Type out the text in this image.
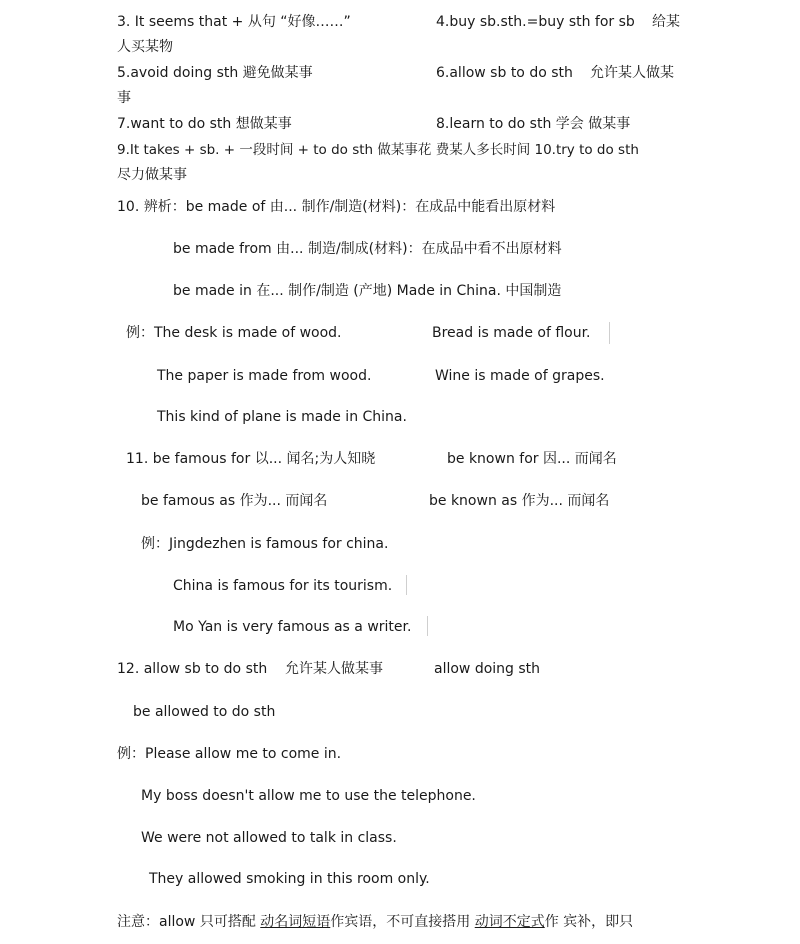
3. It seems that + 从句 “好像……”	4.buy sb.sth.=buy sth for sb 给某
人买某物
5.avoid doing sth 避免做某事	6.allow sb to do sth 允许某人做某
事
7.want to do sth 想做某事	8.learn to do sth 学会 做某事
9.It takes + sb. + 一段时间 + to do sth 做某事花 费某人多长时间 10.try to do sth
尽力做某事
10. 辨析：be made of 由... 制作/制造(材料)：在成品中能看出原材料
be made from 由... 制造/制成(材料)：在成品中看不出原材料
be made in 在... 制作/制造 (产地) Made in China. 中国制造
例：The desk is made of wood.	Bread is made of flour.
The paper is made from wood.	Wine is made of grapes.
This kind of plane is made in China.
11. be famous for 以... 闻名;为人知晓	be known for 因... 而闻名
be famous as 作为... 而闻名	be known as 作为... 而闻名
例：Jingdezhen is famous for china.
China is famous for its tourism.
Mo Yan is very famous as a writer.
12. allow sb to do sth 允许某人做某事	allow doing sth
be allowed to do sth
例：Please allow me to come in.
My boss doesn't allow me to use the telephone.
We were not allowed to talk in class.
They allowed smoking in this room only.
注意：allow 只可搭配 动名词短语作宾语，不可直接搭用 动词不定式作 宾补，即只
